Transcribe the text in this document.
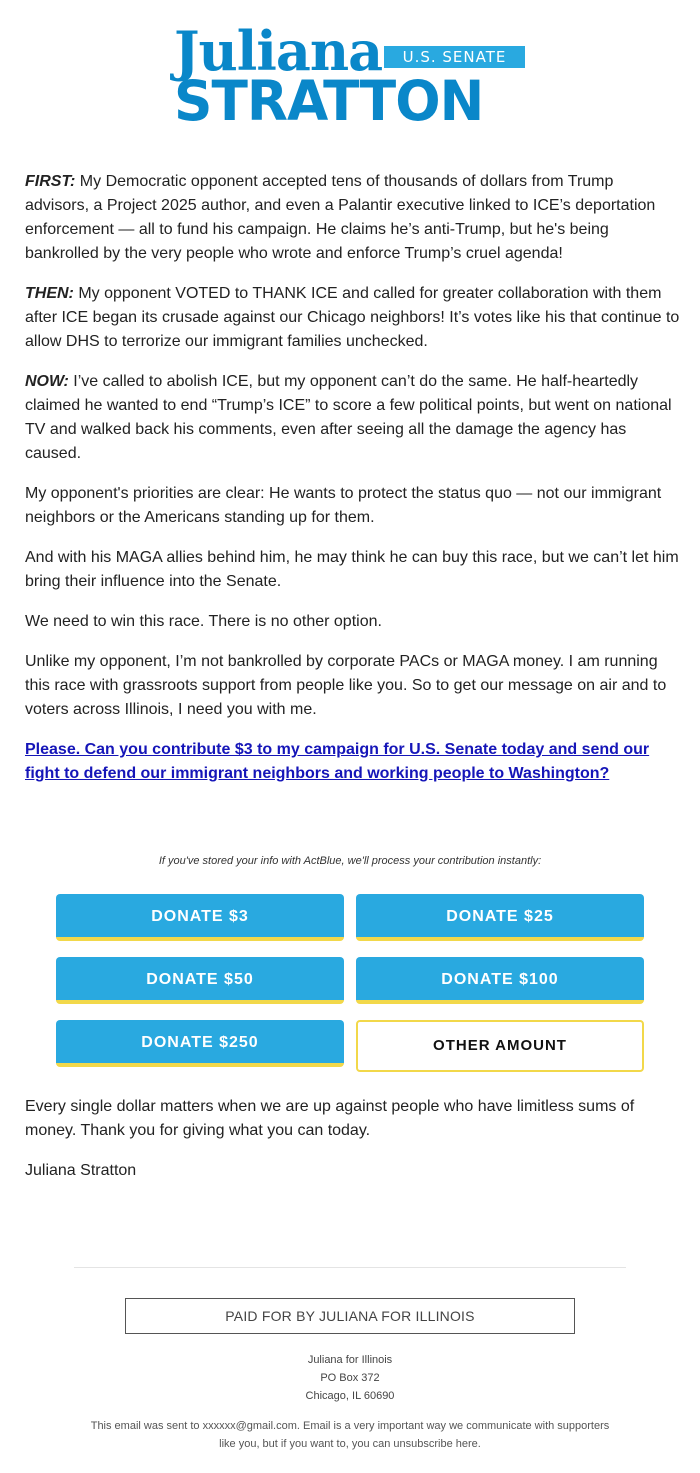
Juliana	U.S. SENATE
STRATTON

FIRST: My Democratic opponent accepted tens of thousands of dollars from Trump advisors, a Project 2025 author, and even a Palantir executive linked to ICE’s deportation enforcement — all to fund his campaign. He claims he’s anti-Trump, but he's being bankrolled by the very people who wrote and enforce Trump’s cruel agenda!

THEN: My opponent VOTED to THANK ICE and called for greater collaboration with them after ICE began its crusade against our Chicago neighbors! It’s votes like his that continue to allow DHS to terrorize our immigrant families unchecked.

NOW: I’ve called to abolish ICE, but my opponent can’t do the same. He half-heartedly claimed he wanted to end “Trump’s ICE” to score a few political points, but went on national TV and walked back his comments, even after seeing all the damage the agency has caused.

My opponent's priorities are clear: He wants to protect the status quo — not our immigrant neighbors or the Americans standing up for them.

And with his MAGA allies behind him, he may think he can buy this race, but we can’t let him bring their influence into the Senate.

We need to win this race. There is no other option.

Unlike my opponent, I’m not bankrolled by corporate PACs or MAGA money. I am running this race with grassroots support from people like you. So to get our message on air and to voters across Illinois, I need you with me.

Please. Can you contribute $3 to my campaign for U.S. Senate today and send our fight to defend our immigrant neighbors and working people to Washington?
If you've stored your info with ActBlue, we'll process your contribution instantly:
DONATE $3	DONATE $25
DONATE $50	DONATE $100
DONATE $250	OTHER AMOUNT

Every single dollar matters when we are up against people who have limitless sums of money. Thank you for giving what you can today.

Juliana Stratton

PAID FOR BY JULIANA FOR ILLINOIS
Juliana for Illinois
PO Box 372
Chicago, IL 60690
This email was sent to xxxxxx@gmail.com. Email is a very important way we communicate with supporters like you, but if you want to, you can unsubscribe here.
